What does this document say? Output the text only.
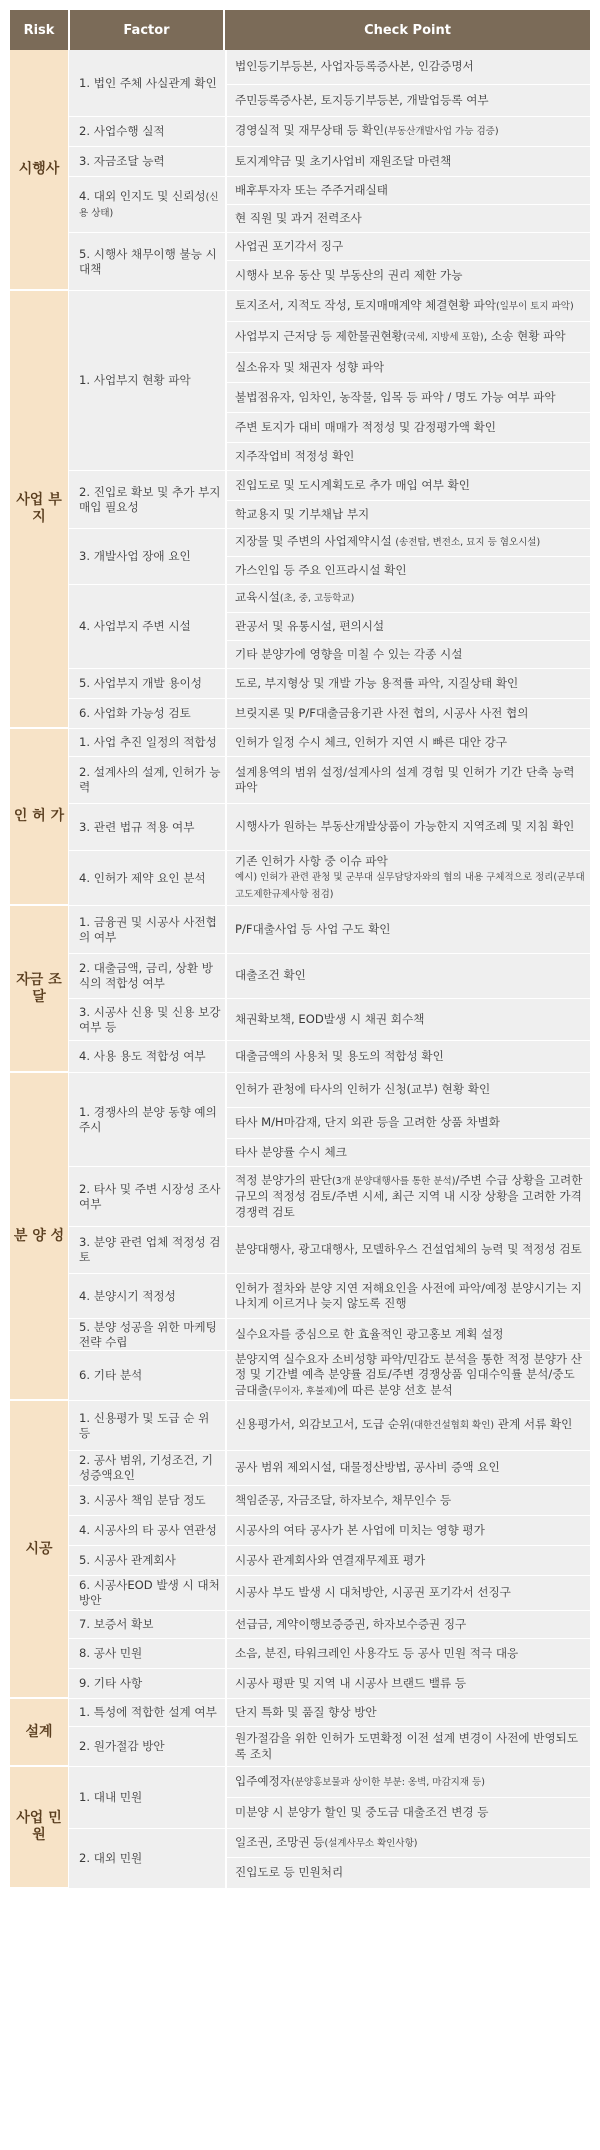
Risk	Factor	Check Point
법인등기부등본, 사업자등록증사본, 인감증명서
주민등록증사본, 토지등기부등본, 개발업등록 여부
1. 법인 주체 사실관계 확인
경영실적 및 재무상태 등 확인(부동산개발사업 가능 검증)
2. 사업수행 실적
토지계약금 및 초기사업비 재원조달 마련책
3. 자금조달 능력
배후투자자 또는 주주거래실태
현 직원 및 과거 전력조사
4. 대외 인지도 및 신뢰성(신용 상태)
사업권 포기각서 징구
시행사 보유 동산 및 부동산의 권리 제한 가능
5. 시행사 채무이행 불능 시 대책
시행사
토지조서, 지적도 작성, 토지매매계약 체결현황 파악(일부이 토지 파악)
사업부지 근저당 등 제한물권현황(국세, 지방세 포함), 소송 현황 파악
실소유자 및 채권자 성향 파악
불법점유자, 임차인, 농작물, 입목 등 파악 / 명도 가능 여부 파악
주변 토지가 대비 매매가 적정성 및 감정평가액 확인
지주작업비 적정성 확인
1. 사업부지 현황 파악
진입도로 및 도시계획도로 추가 매입 여부 확인
학교용지 및 기부채납 부지
2. 진입로 확보 및 추가 부지 매입 필요성
지장물 및 주변의 사업제약시설 (송전탑, 변전소, 묘지 등 혐오시설)
가스인입 등 주요 인프라시설 확인
3. 개발사업 장애 요인
교육시설(초, 중, 고등학교)
관공서 및 유통시설, 편의시설
기타 분양가에 영향을 미칠 수 있는 각종 시설
4. 사업부지 주변 시설
도로, 부지형상 및 개발 가능 용적률 파악, 지질상태 확인
5. 사업부지 개발 용이성
브릿지론 및 P/F대출금융기관 사전 협의, 시공사 사전 협의
6. 사업화 가능성 검토
사업 부지
인허가 일정 수시 체크, 인허가 지연 시 빠른 대안 강구
1. 사업 추진 일정의 적합성
설계용역의 범위 설정/설계사의 설계 경험 및 인허가 기간 단축 능력 파악
2. 설계사의 설계, 인허가 능력
시행사가 원하는 부동산개발상품이 가능한지 지역조례 및 지침 확인
3. 관련 법규 적용 여부
기존 인허가 사항 중 이슈 파악
예시) 인허가 관련 관청 및 군부대 실무담당자와의 협의 내용 구체적으로 정리(군부대 고도제한규제사항 점검)
4. 인허가 제약 요인 분석
인 허 가
P/F대출사업 등 사업 구도 확인
1. 금융권 및 시공사 사전협의 여부
대출조건 확인
2. 대출금액, 금리, 상환 방식의 적합성 여부
채권확보책, EOD발생 시 채권 회수책
3. 시공사 신용 및 신용 보강 여부 등
대출금액의 사용처 및 용도의 적합성 확인
4. 사용 용도 적합성 여부
자금 조달
인허가 관청에 타사의 인허가 신청(교부) 현황 확인
타사 M/H마감재, 단지 외관 등을 고려한 상품 차별화
타사 분양률 수시 체크
1. 경쟁사의 분양 동향 예의 주시
적정 분양가의 판단(3개 분양대행사를 통한 분석)/주변 수급 상황을 고려한 규모의 적정성 검토/주변 시세, 최근 지역 내 시장 상황을 고려한 가격경쟁력 검토
2. 타사 및 주변 시장성 조사 여부
분양대행사, 광고대행사, 모델하우스 건설업체의 능력 및 적정성 검토
3. 분양 관련 업체 적정성 검토
인허가 절차와 분양 지연 저해요인을 사전에 파악/예정 분양시기는 지나치게 이르거나 늦지 않도록 진행
4. 분양시기 적정성
실수요자를 중심으로 한 효율적인 광고홍보 계획 설정
5. 분양 성공을 위한 마케팅전략 수립
분양지역 실수요자 소비성향 파악/민감도 분석을 통한 적정 분양가 산정 및 기간별 예측 분양률 검토/주변 경쟁상품 임대수익률 분석/중도금대출(무이자, 후불제)에 따른 분양 선호 분석
6. 기타 분석
분 양 성
신용평가서, 외감보고서, 도급 순위(대한건설협회 확인) 관계 서류 확인
1. 신용평가 및 도급 순 위 등
공사 범위 제외시설, 대물정산방법, 공사비 증액 요인
2. 공사 범위, 기성조건, 기성증액요인
책임준공, 자금조달, 하자보수, 채무인수 등
3. 시공사 책임 분담 정도
시공사의 여타 공사가 본 사업에 미치는 영향 평가
4. 시공사의 타 공사 연관성
시공사 관계회사와 연결재무제표 평가
5. 시공사 관계회사
시공사 부도 발생 시 대처방안, 시공권 포기각서 선징구
6. 시공사EOD 발생 시 대처방안
선급금, 계약이행보증증권, 하자보수증권 징구
7. 보증서 확보
소음, 분진, 타워크레인 사용각도 등 공사 민원 적극 대응
8. 공사 민원
시공사 평판 및 지역 내 시공사 브랜드 밸류 등
9. 기타 사항
시공
단지 특화 및 품질 향상 방안
1. 특성에 적합한 설계 여부
원가절감을 위한 인허가 도면확정 이전 설계 변경이 사전에 반영되도록 조치
2. 원가절감 방안
설계
입주예정자(분양홍보물과 상이한 부분: 옹벽, 마감지재 등)
미분양 시 분양가 할인 및 중도금 대출조건 변경 등
1. 대내 민원
일조권, 조망권 등(설계사무소 확인사항)
진입도로 등 민원처리
2. 대외 민원
사업 민원
